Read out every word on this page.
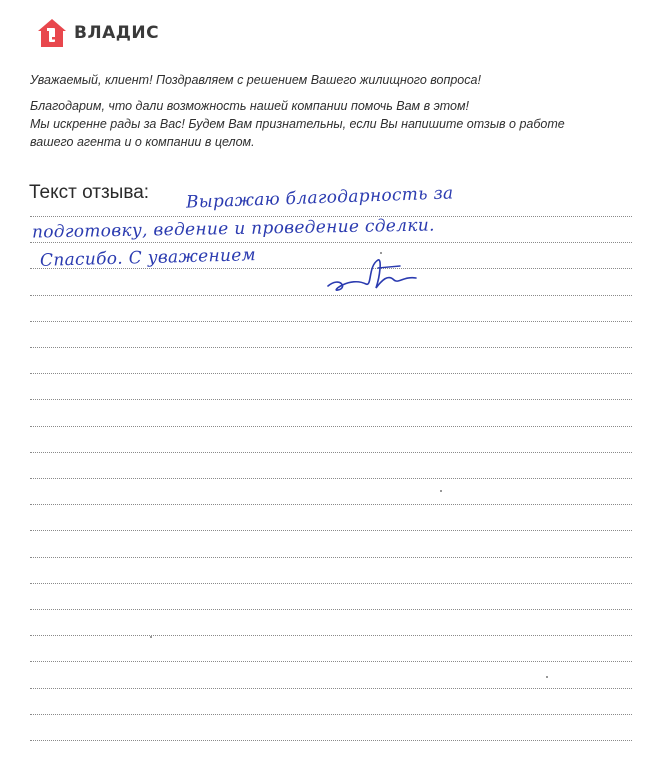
ВЛАДИС
Уважаемый, клиент! Поздравляем с решением Вашего жилищного вопроса!
Благодарим, что дали возможность нашей компании помочь Вам в этом!
Мы искренне рады за Вас! Будем Вам признательны, если Вы напишите отзыв о работе
вашего агента и о компании в целом.
Текст отзыва: Выражаю благодарность за
подготовку, ведение и проведение сделки.
Спасибо. С уважением
